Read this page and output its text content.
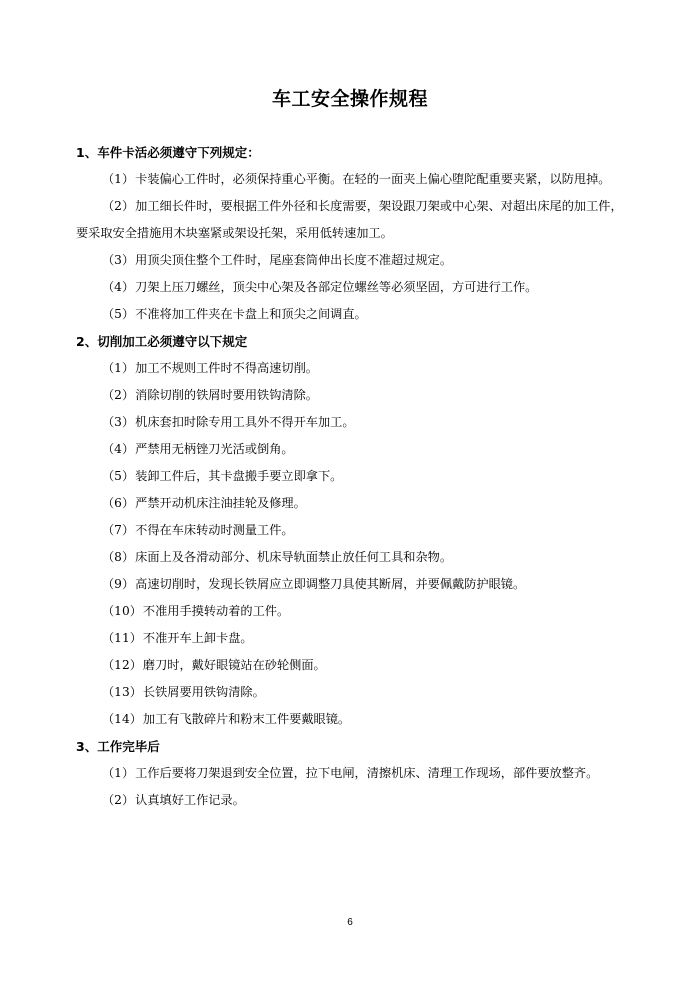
车工安全操作规程
1、车件卡活必须遵守下列规定：
（1）卡装偏心工件时，必须保持重心平衡。在轻的一面夹上偏心堕陀配重要夹紧，以防甩掉。
（2）加工细长件时，要根据工件外径和长度需要，架设跟刀架或中心架、对超出床尾的加工件，
要采取安全措施用木块塞紧或架设托架，采用低转速加工。
（3）用顶尖顶住整个工件时，尾座套筒伸出长度不准超过规定。
（4）刀架上压刀螺丝，顶尖中心架及各部定位螺丝等必须坚固，方可进行工作。
（5）不准将加工件夹在卡盘上和顶尖之间调直。
2、切削加工必须遵守以下规定
（1）加工不规则工件时不得高速切削。
（2）消除切削的铁屑时要用铁钩清除。
（3）机床套扣时除专用工具外不得开车加工。
（4）严禁用无柄锉刀光活或倒角。
（5）装卸工件后，其卡盘搬手要立即拿下。
（6）严禁开动机床注油挂轮及修理。
（7）不得在车床转动时测量工件。
（8）床面上及各滑动部分、机床导轨面禁止放任何工具和杂物。
（9）高速切削时，发现长铁屑应立即调整刀具使其断屑，并要佩戴防护眼镜。
（10）不准用手摸转动着的工件。
（11）不准开车上卸卡盘。
（12）磨刀时，戴好眼镜站在砂轮侧面。
（13）长铁屑要用铁钩清除。
（14）加工有飞散碎片和粉末工件要戴眼镜。
3、工作完毕后
（1）工作后要将刀架退到安全位置，拉下电闸，清擦机床、清理工作现场，部件要放整齐。
（2）认真填好工作记录。
6
